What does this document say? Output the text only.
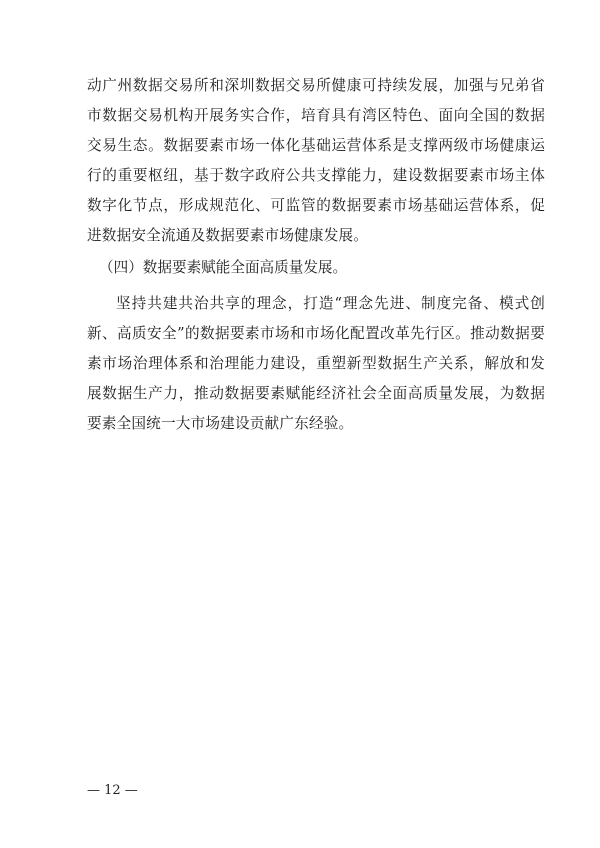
动广州数据交易所和深圳数据交易所健康可持续发展，加强与兄弟省市数据交易机构开展务实合作，培育具有湾区特色、面向全国的数据交易生态。数据要素市场一体化基础运营体系是支撑两级市场健康运行的重要枢纽，基于数字政府公共支撑能力，建设数据要素市场主体数字化节点，形成规范化、可监管的数据要素市场基础运营体系，促进数据安全流通及数据要素市场健康发展。

（四）数据要素赋能全面高质量发展。

坚持共建共治共享的理念，打造“理念先进、制度完备、模式创新、高质安全”的数据要素市场和市场化配置改革先行区。推动数据要素市场治理体系和治理能力建设，重塑新型数据生产关系，解放和发展数据生产力，推动数据要素赋能经济社会全面高质量发展，为数据要素全国统一大市场建设贡献广东经验。

— 12 —
